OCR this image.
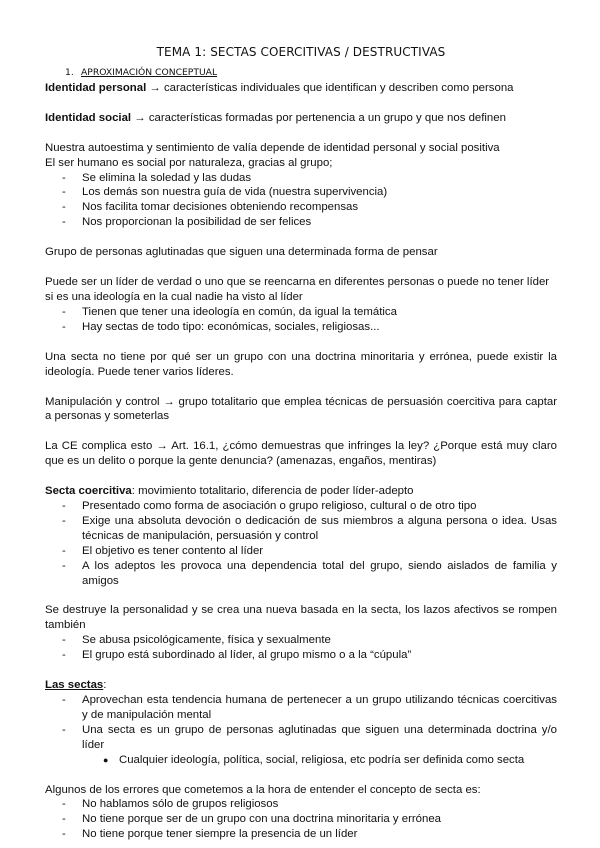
TEMA 1: SECTAS COERCITIVAS / DESTRUCTIVAS
1. APROXIMACIÓN CONCEPTUAL

Identidad personal → características individuales que identifican y describen como persona

Identidad social → características formadas por pertenencia a un grupo y que nos definen

Nuestra autoestima y sentimiento de valía depende de identidad personal y social positiva

El ser humano es social por naturaleza, gracias al grupo;

- Se elimina la soledad y las dudas
- Los demás son nuestra guía de vida (nuestra supervivencia)
- Nos facilita tomar decisiones obteniendo recompensas
- Nos proporcionan la posibilidad de ser felices

Grupo de personas aglutinadas que siguen una determinada forma de pensar

Puede ser un líder de verdad o uno que se reencarna en diferentes personas o puede no tener líder si es una ideología en la cual nadie ha visto al líder

- Tienen que tener una ideología en común, da igual la temática
- Hay sectas de todo tipo: económicas, sociales, religiosas...

Una secta no tiene por qué ser un grupo con una doctrina minoritaria y errónea, puede existir la ideología. Puede tener varios líderes.

Manipulación y control → grupo totalitario que emplea técnicas de persuasión coercitiva para captar a personas y someterlas

La CE complica esto → Art. 16.1, ¿cómo demuestras que infringes la ley? ¿Porque está muy claro que es un delito o porque la gente denuncia? (amenazas, engaños, mentiras)

Secta coercitiva: movimiento totalitario, diferencia de poder líder-adepto

- Presentado como forma de asociación o grupo religioso, cultural o de otro tipo
- Exige una absoluta devoción o dedicación de sus miembros a alguna persona o idea. Usas técnicas de manipulación, persuasión y control
- El objetivo es tener contento al líder
- A los adeptos les provoca una dependencia total del grupo, siendo aislados de familia y amigos

Se destruye la personalidad y se crea una nueva basada en la secta, los lazos afectivos se rompen también

- Se abusa psicológicamente, física y sexualmente
- El grupo está subordinado al líder, al grupo mismo o a la “cúpula”

Las sectas:

- Aprovechan esta tendencia humana de pertenecer a un grupo utilizando técnicas coercitivas y de manipulación mental
- Una secta es un grupo de personas aglutinadas que siguen una determinada doctrina y/o líder
● Cualquier ideología, política, social, religiosa, etc podría ser definida como secta

Algunos de los errores que cometemos a la hora de entender el concepto de secta es:

- No hablamos sólo de grupos religiosos
- No tiene porque ser de un grupo con una doctrina minoritaria y errónea
- No tiene porque tener siempre la presencia de un líder
